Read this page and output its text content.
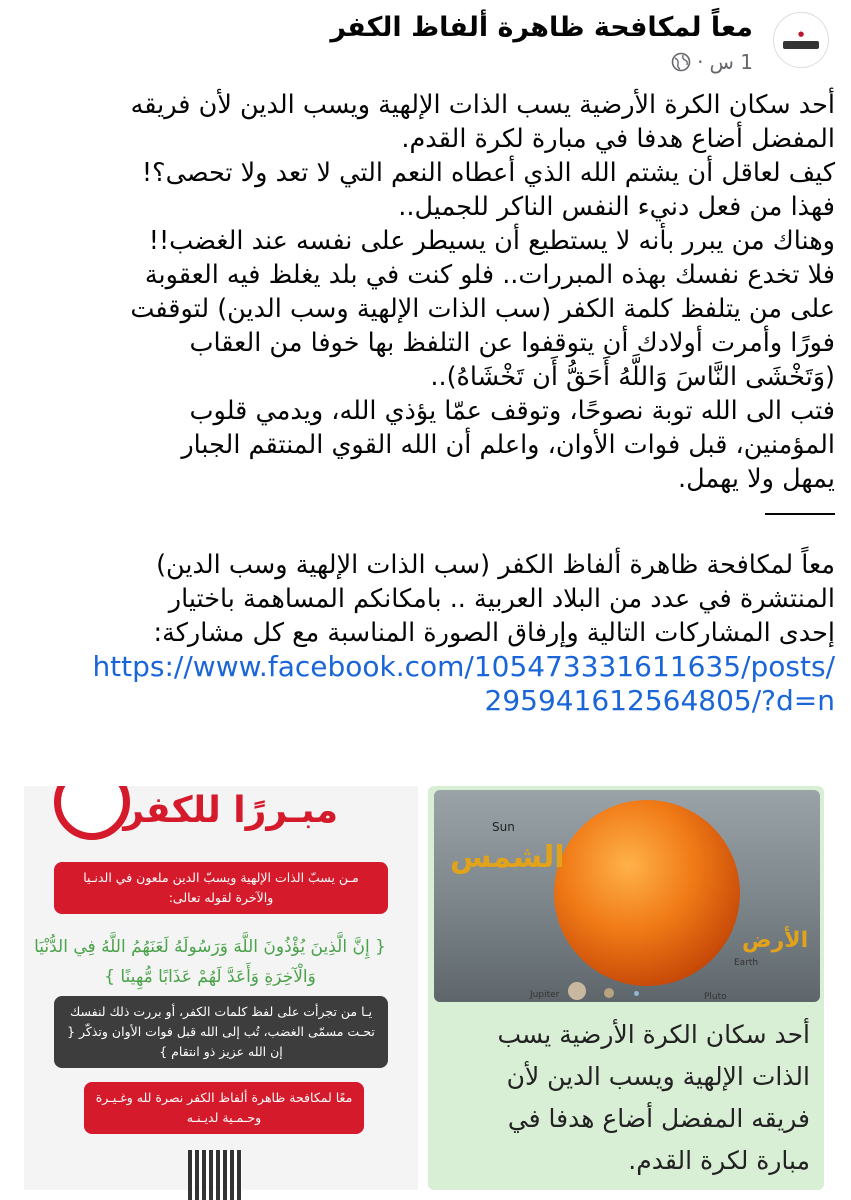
●
معاً لمكافحة ظاهرة ألفاظ الكفر
1 س
·

أحد سكان الكرة الأرضية يسب الذات الإلهية ويسب الدين لأن فريقه

المفضل أضاع هدفا في مبارة لكرة القدم.

كيف لعاقل أن يشتم الله الذي أعطاه النعم التي لا تعد ولا تحصى؟!

فهذا من فعل دنيء النفس الناكر للجميل..

وهناك من يبرر بأنه لا يستطيع أن يسيطر على نفسه عند الغضب!!

فلا تخدع نفسك بهذه المبررات.. فلو كنت في بلد يغلظ فيه العقوبة

على من يتلفظ كلمة الكفر (سب الذات الإلهية وسب الدين) لتوقفت

فورًا وأمرت أولادك أن يتوقفوا عن التلفظ بها خوفا من العقاب

(وَتَخْشَى النَّاسَ وَاللَّهُ أَحَقُّ أَن تَخْشَاهُ)..

فتب الى الله توبة نصوحًا، وتوقف عمّا يؤذي الله، ويدمي قلوب

المؤمنين، قبل فوات الأوان، واعلم أن الله القوي المنتقم الجبار

يمهل ولا يهمل.

معاً لمكافحة ظاهرة ألفاظ الكفر (سب الذات الإلهية وسب الدين)

المنتشرة في عدد من البلاد العربية .. بامكانكم المساهمة باختيار

إحدى المشاركات التالية وإرفاق الصورة المناسبة مع كل مشاركة:

https://www.facebook.com/105473331611635/posts/

295941612564805/?d=n

مبـررًا للكفر
مـن يسبّ الذات الإلهية ويسبّ الدين ملعون في الدنـيا والآخرة لقوله تعالى:
يـا من تجرأت على لفظ كلمات الكفر، أو بررت ذلك لنفسك تحـت مسمّى الغضب، تُب إلى الله قبل فوات الأوان وتذكّر { إن الله عزيز ذو انتقام }
معًا لمكافحة ظاهرة ألفاظ الكفر نصرة لله وغـيـرة وحـمـية لديـنـه
{ إِنَّ الَّذِينَ يُؤْذُونَ اللَّهَ وَرَسُولَهُ لَعَنَهُمُ اللَّهُ فِي الدُّنْيَا وَالْآخِرَةِ وَأَعَدَّ لَهُمْ عَذَابًا مُّهِينًا }
Sun
الشمس
الأرض
Jupiter
Earth
Pluto

أحد سكان الكرة الأرضية يسب

الذات الإلهية ويسب الدين لأن

فريقه المفضل أضاع هدفا في

مبارة لكرة القدم.
